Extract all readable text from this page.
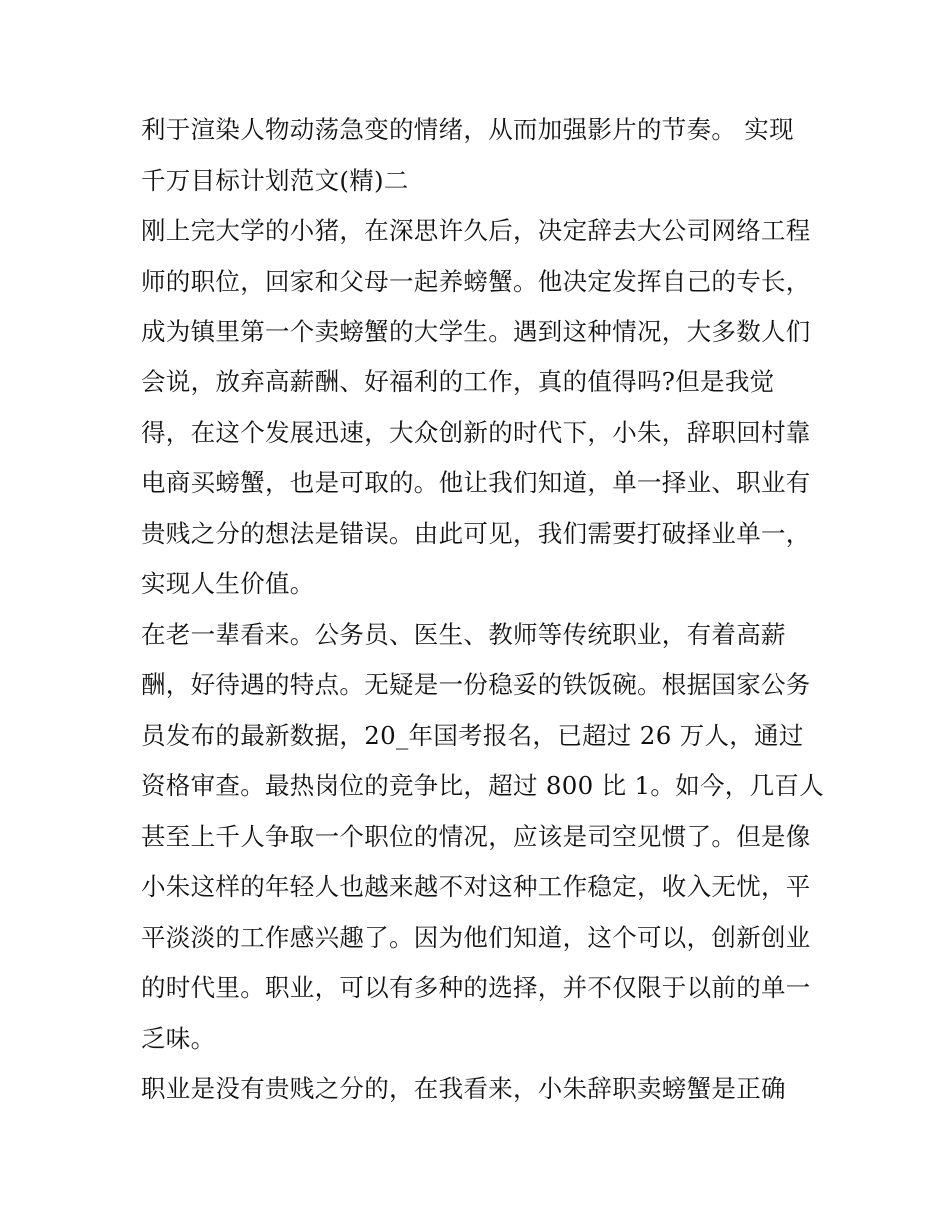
利于渲染人物动荡急变的情绪，从而加强影片的节奏。 实现
千万目标计划范文(精)二
刚上完大学的小猪，在深思许久后，决定辞去大公司网络工程
师的职位，回家和父母一起养螃蟹。他决定发挥自己的专长，
成为镇里第一个卖螃蟹的大学生。遇到这种情况，大多数人们
会说，放弃高薪酬、好福利的工作，真的值得吗?但是我觉
得，在这个发展迅速，大众创新的时代下，小朱，辞职回村靠
电商买螃蟹，也是可取的。他让我们知道，单一择业、职业有
贵贱之分的想法是错误。由此可见，我们需要打破择业单一，
实现人生价值。
在老一辈看来。公务员、医生、教师等传统职业，有着高薪
酬，好待遇的特点。无疑是一份稳妥的铁饭碗。根据国家公务
员发布的最新数据，20_年国考报名，已超过 26 万人，通过
资格审查。最热岗位的竞争比，超过 800 比 1。如今，几百人
甚至上千人争取一个职位的情况，应该是司空见惯了。但是像
小朱这样的年轻人也越来越不对这种工作稳定，收入无忧，平
平淡淡的工作感兴趣了。因为他们知道，这个可以，创新创业
的时代里。职业，可以有多种的选择，并不仅限于以前的单一
乏味。
职业是没有贵贱之分的，在我看来，小朱辞职卖螃蟹是正确
